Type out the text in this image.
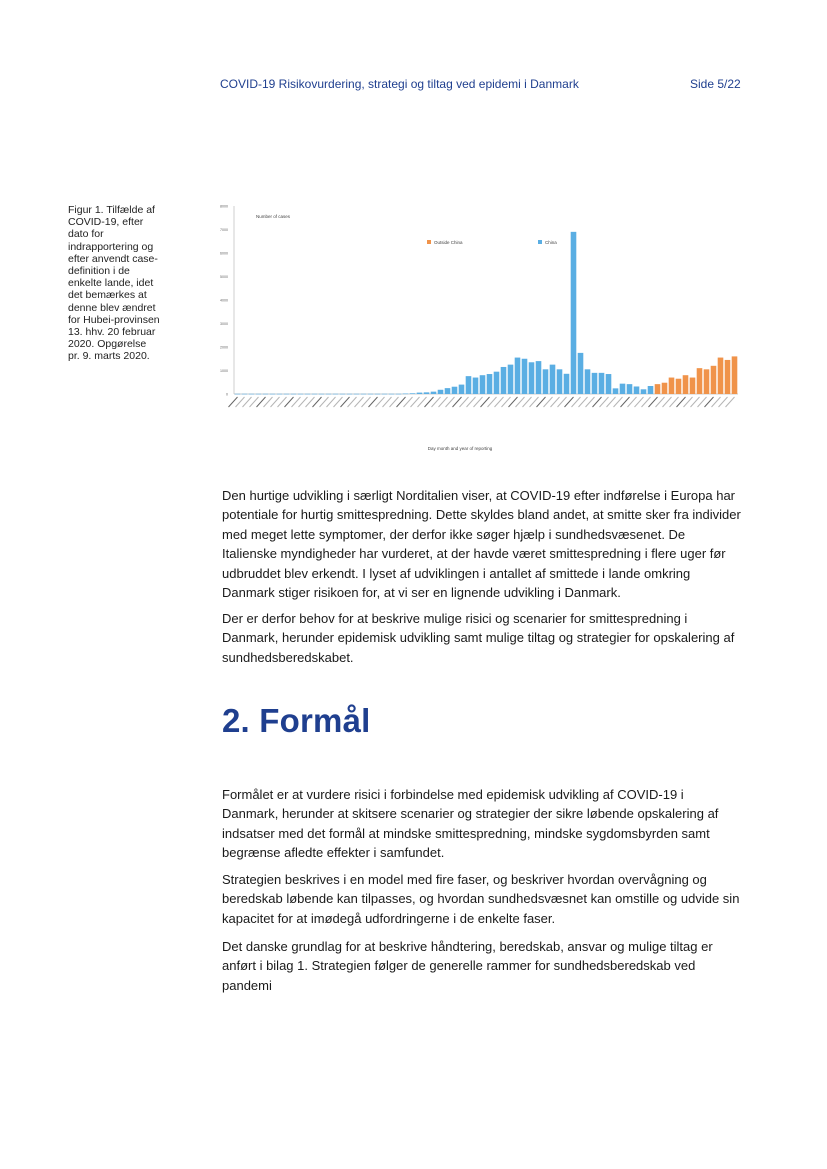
COVID-19 Risikovurdering, strategi og tiltag ved epidemi i Danmark	Side 5/22
Figur 1. Tilfælde af COVID-19, efter dato for indrapportering og efter anvendt case-definition i de enkelte lande, idet det bemærkes at denne blev ændret for Hubei-provinsen 13. hhv. 20 februar 2020. Opgørelse pr. 9. marts 2020.
0
1000
2000
3000
4000
5000
6000
7000
8000
Number of cases
Outside China	China
Day month and year of reporting
Den hurtige udvikling i særligt Norditalien viser, at COVID-19 efter indførelse i Europa har potentiale for hurtig smittespredning. Dette skyldes bland andet, at smitte sker fra individer med meget lette symptomer, der derfor ikke søger hjælp i sundhedsvæsenet. De Italienske myndigheder har vurderet, at der havde været smittespredning i flere uger før udbruddet blev erkendt. I lyset af udviklingen i antallet af smittede i lande omkring Danmark stiger risikoen for, at vi ser en lignende udvikling i Danmark.
Der er derfor behov for at beskrive mulige risici og scenarier for smittespredning i Danmark, herunder epidemisk udvikling samt mulige tiltag og strategier for opskalering af sundhedsberedskabet.
2. Formål
Formålet er at vurdere risici i forbindelse med epidemisk udvikling af COVID-19 i Danmark, herunder at skitsere scenarier og strategier der sikre løbende opskalering af indsatser med det formål at mindske smittespredning, mindske sygdomsbyrden samt begrænse afledte effekter i samfundet.
Strategien beskrives i en model med fire faser, og beskriver hvordan overvågning og beredskab løbende kan tilpasses, og hvordan sundhedsvæsnet kan omstille og udvide sin kapacitet for at imødegå udfordringerne i de enkelte faser.
Det danske grundlag for at beskrive håndtering, beredskab, ansvar og mulige tiltag er anført i bilag 1. Strategien følger de generelle rammer for sundhedsberedskab ved pandemi
